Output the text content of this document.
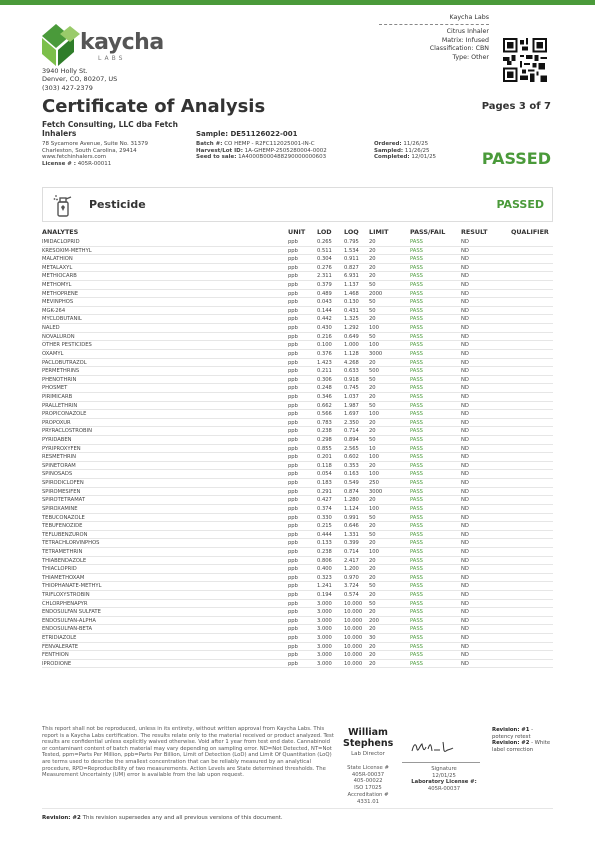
kaycha
LABS
3940 Holly St.
Denver, CO, 80207, US
(303) 427-2379
Kaycha Labs
Citrus Inhaler
Matrix: Infused
Classification: CBN
Type: Other
Certificate of Analysis	Pages 3 of 7
Fetch Consulting, LLC dba Fetch Inhalers
78 Sycamore Avenue, Suite No. 31379
Charleston, South Carolina, 29414
www.fetchinhalers.com
License # : 405R-00011
Sample: DE51126022-001
Batch #: CO HEMP - R2FC112025001-IN-C
Harvest/Lot ID: 1A-GHEMP-2505280004-0002
Seed to sale: 1A4000B000488290000000603
Ordered: 11/26/25
Sampled: 11/26/25
Completed: 12/01/25	PASSED
Pesticide	PASSED
ANALYTES	UNIT LOD LOQ LIMIT	PASS/FAIL RESULT	QUALIFIER
IMIDACLOPRID	ppb	0.265 0.795 20	PASS	ND
KRESOXIM-METHYL	ppb	0.511 1.534 20	PASS	ND
MALATHION	ppb	0.304 0.911 20	PASS	ND
METALAXYL	ppb	0.276 0.827 20	PASS	ND
METHIOCARB	ppb	2.311 6.931 20	PASS	ND
METHOMYL	ppb	0.379 1.137 50	PASS	ND
METHOPRENE	ppb	0.489 1.468 2000	PASS	ND
MEVINPHOS	ppb	0.043 0.130 50	PASS	ND
MGK-264	ppb	0.144 0.431 50	PASS	ND
MYCLOBUTANIL	ppb	0.442 1.325 20	PASS	ND
NALED	ppb	0.430 1.292 100	PASS	ND
NOVALURON	ppb	0.216 0.649 50	PASS	ND
OTHER PESTICIDES	ppb	0.100 1.000 100	PASS	ND
OXAMYL	ppb	0.376 1.128 3000	PASS	ND
PACLOBUTRAZOL	ppb	1.423 4.268 20	PASS	ND
PERMETHRINS	ppb	0.211 0.633 500	PASS	ND
PHENOTHRIN	ppb	0.306 0.918 50	PASS	ND
PHOSMET	ppb	0.248 0.745 20	PASS	ND
PIRIMICARB	ppb	0.346 1.037 20	PASS	ND
PRALLETHRIN	ppb	0.662 1.987 50	PASS	ND
PROPICONAZOLE	ppb	0.566 1.697 100	PASS	ND
PROPOXUR	ppb	0.783 2.350 20	PASS	ND
PRYRACLOSTROBIN	ppb	0.238 0.714 20	PASS	ND
PYRIDABEN	ppb	0.298 0.894 50	PASS	ND
PYRIPROXYFEN	ppb	0.855 2.565 10	PASS	ND
RESMETHRIN	ppb	0.201 0.602 100	PASS	ND
SPINETORAM	ppb	0.118 0.353 20	PASS	ND
SPINOSADS	ppb	0.054 0.163 100	PASS	ND
SPIRODICLOFEN	ppb	0.183 0.549 250	PASS	ND
SPIROMESIFEN	ppb	0.291 0.874 3000	PASS	ND
SPIROTETRAMAT	ppb	0.427 1.280 20	PASS	ND
SPIROXAMINE	ppb	0.374 1.124 100	PASS	ND
TEBUCONAZOLE	ppb	0.330 0.991 50	PASS	ND
TEBUFENOZIDE	ppb	0.215 0.646 20	PASS	ND
TEFLUBENZURON	ppb	0.444 1.331 50	PASS	ND
TETRACHLORVINPHOS	ppb	0.133 0.399 20	PASS	ND
TETRAMETHRIN	ppb	0.238 0.714 100	PASS	ND
THIABENDAZOLE	ppb	0.806 2.417 20	PASS	ND
THIACLOPRID	ppb	0.400 1.200 20	PASS	ND
THIAMETHOXAM	ppb	0.323 0.970 20	PASS	ND
THIOPHANATE-METHYL	ppb	1.241 3.724 50	PASS	ND
TRIFLOXYSTROBIN	ppb	0.194 0.574 20	PASS	ND
CHLORPHENAPYR	ppb	3.000 10.000 50	PASS	ND
ENDOSULFAN SULFATE	ppb	3.000 10.000 20	PASS	ND
ENDOSULFAN-ALPHA	ppb	3.000 10.000 200	PASS	ND
ENDOSULFAN-BETA	ppb	3.000 10.000 20	PASS	ND
ETRIDIAZOLE	ppb	3.000 10.000 30	PASS	ND
FENVALERATE	ppb	3.000 10.000 20	PASS	ND
FENTHION	ppb	3.000 10.000 20	PASS	ND
IPRODIONE	ppb	3.000 10.000 20	PASS	ND
This report shall not be reproduced, unless in its entirety, without written approval from Kaycha Labs. This report is a Kaycha Labs certification. The results relate only to the material received or product analyzed. Test results are confidential unless explicitly waived otherwise. Void after 1 year from test end date. Cannabinoid or contaminant content of batch material may vary depending on sampling error. ND=Not Detected, NT=Not Tested, ppm=Parts Per Million, ppb=Parts Per Billion, Limit of Detection (LoD) and Limit Of Quantitation (LoQ) are terms used to describe the smallest concentration that can be reliably measured by an analytical procedure, RPD=Reproducibility of two measurements. Action Levels are State determined thresholds. The Measurement Uncertainty (UM) error is available from the lab upon request.
William
Stephens
Lab Director
State License #
405R-00037
405-00022
ISO 17025
Accreditation #
4331.01
Signature
12/01/25
Laboratory License #:
405R-00037
Revision: #1 - potency retest
Revision: #2 - White label correction
Revision: #2 This revision supersedes any and all previous versions of this document.
